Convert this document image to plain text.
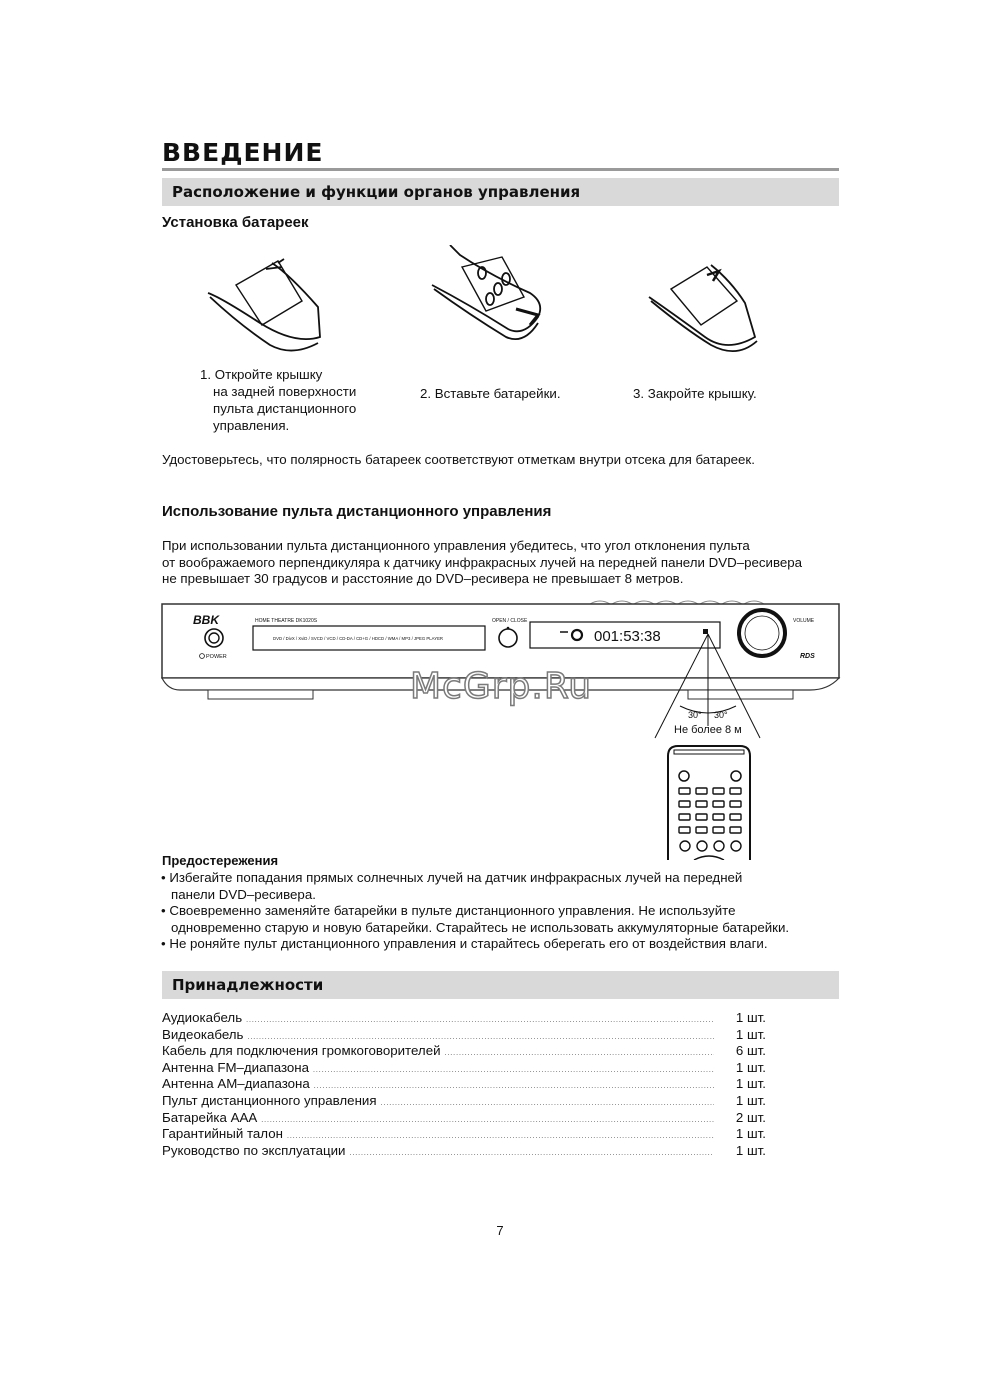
ВВЕДЕНИЕ
Расположение и функции органов управления
Установка батареек
1. Откройте крышку
на задней поверхности
пульта дистанционного
управления.
2. Вставьте батарейки.	3. Закройте крышку.
Удостоверьтесь, что полярность батареек соответствуют отметкам внутри отсека для батареек.
Использование пульта дистанционного управления
При использовании пульта дистанционного управления убедитесь, что угол отклонения пульта
от воображаемого перпендикуляра к датчику инфракрасных лучей на передней панели DVD–ресивера
не превышает 30 градусов и расстояние до DVD–ресивера не превышает 8 метров.
BBK
POWER
HOME THEATRE DK1020S
DVD / DivX / XviD / SVCD / VCD / CD-DA / CD+G / HDCD / WMA / MP3 / JPEG PLAYER
OPEN / CLOSE
001:53:38
VOLUME
RDS
30° 30°
Не более 8 м
McGrp.Ru
Предостережения
• Избегайте попадания прямых солнечных лучей на датчик инфракрасных лучей на передней
панели DVD–ресивера.
• Своевременно заменяйте батарейки в пульте дистанционного управления. Не используйте
одновременно старую и новую батарейки. Старайтесь не использовать аккумуляторные батарейки.
• Не роняйте пульт дистанционного управления и старайтесь оберегать его от воздействия влаги.
Принадлежности
Аудиокабель . . .	1 шт.
Видеокабель . . .	1 шт.
Кабель для подключения громкоговорителей . . .	6 шт.
Антенна FM–диапазона . . .	1 шт.
Антенна AM–диапазона . . .	1 шт.
Пульт дистанционного управления . . .	1 шт.
Батарейка AAA . . .	2 шт.
Гарантийный талон . . .	1 шт.
Руководство по эксплуатации . . .	1 шт.
7
